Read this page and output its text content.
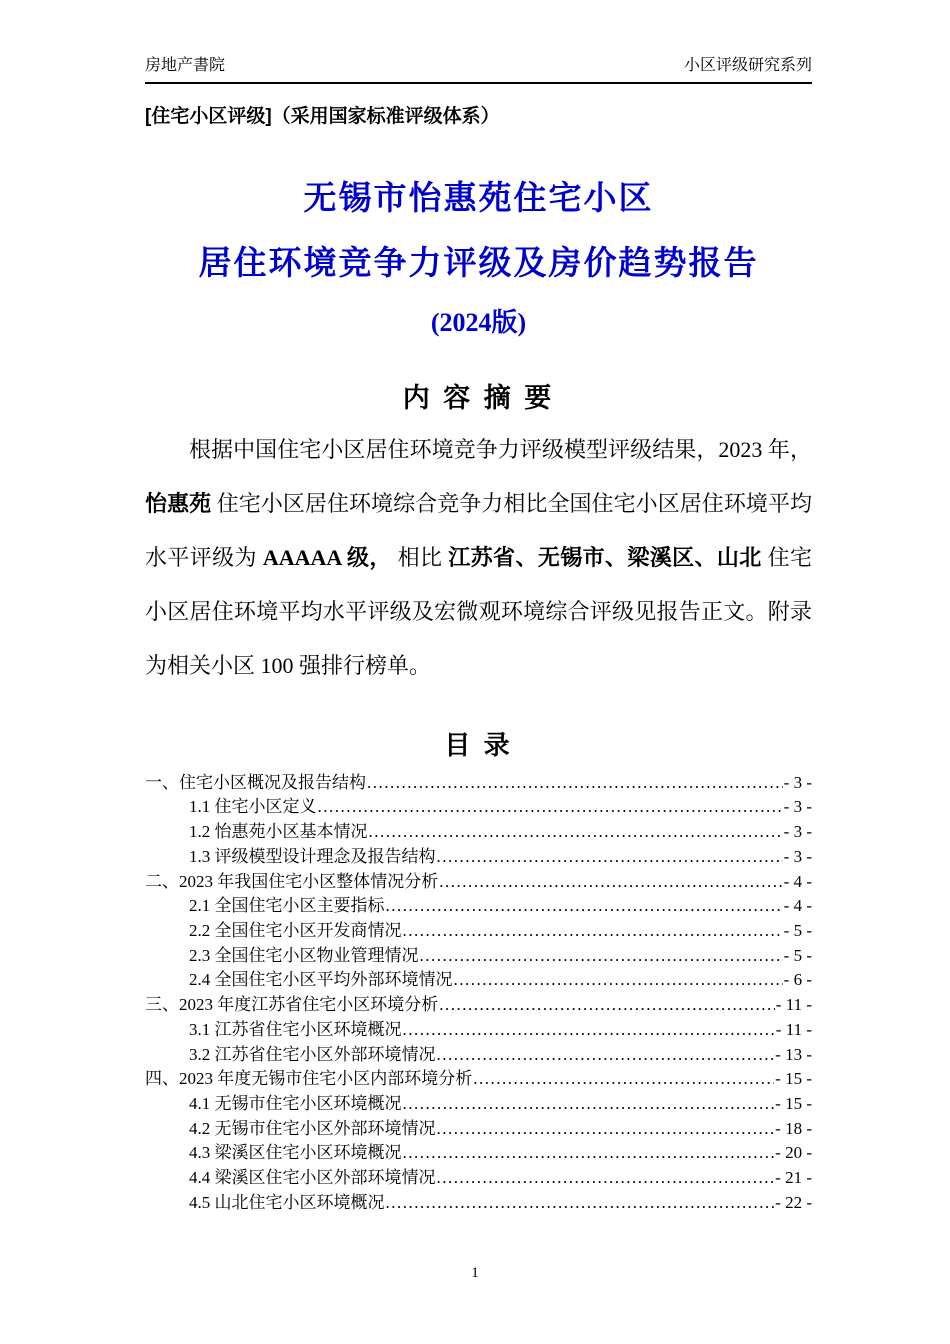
房地产書院	小区评级研究系列
[住宅小区评级]（采用国家标准评级体系）
无锡市怡惠苑住宅小区
居住环境竞争力评级及房价趋势报告
(2024版)
内 容 摘 要

根据中国住宅小区居住环境竞争力评级模型评级结果，2023 年， 怡惠苑 住宅小区居住环境综合竞争力相比全国住宅小区居住环境平均水平评级为 AAAAA 级， 相比 江苏省、无锡市、梁溪区、山北 住宅小区居住环境平均水平评级及宏微观环境综合评级见报告正文。附录为相关小区 100 强排行榜单。

目 录
一、住宅小区概况及报告结构 .....	- 3 -
1.1 住宅小区定义 .....	- 3 -
1.2 怡惠苑小区基本情况 .....	- 3 -
1.3 评级模型设计理念及报告结构 .....	- 3 -
二、2023 年我国住宅小区整体情况分析 .....	- 4 -
2.1 全国住宅小区主要指标 .....	- 4 -
2.2 全国住宅小区开发商情况 .....	- 5 -
2.3 全国住宅小区物业管理情况 .....	- 5 -
2.4 全国住宅小区平均外部环境情况 .....	- 6 -
三、2023 年度江苏省住宅小区环境分析 .....	- 11 -
3.1 江苏省住宅小区环境概况 .....	- 11 -
3.2 江苏省住宅小区外部环境情况 .....	- 13 -
四、2023 年度无锡市住宅小区内部环境分析 .....	- 15 -
4.1 无锡市住宅小区环境概况 .....	- 15 -
4.2 无锡市住宅小区外部环境情况 .....	- 18 -
4.3 梁溪区住宅小区环境概况 .....	- 20 -
4.4 梁溪区住宅小区外部环境情况 .....	- 21 -
4.5 山北住宅小区环境概况 .....	- 22 -
1
